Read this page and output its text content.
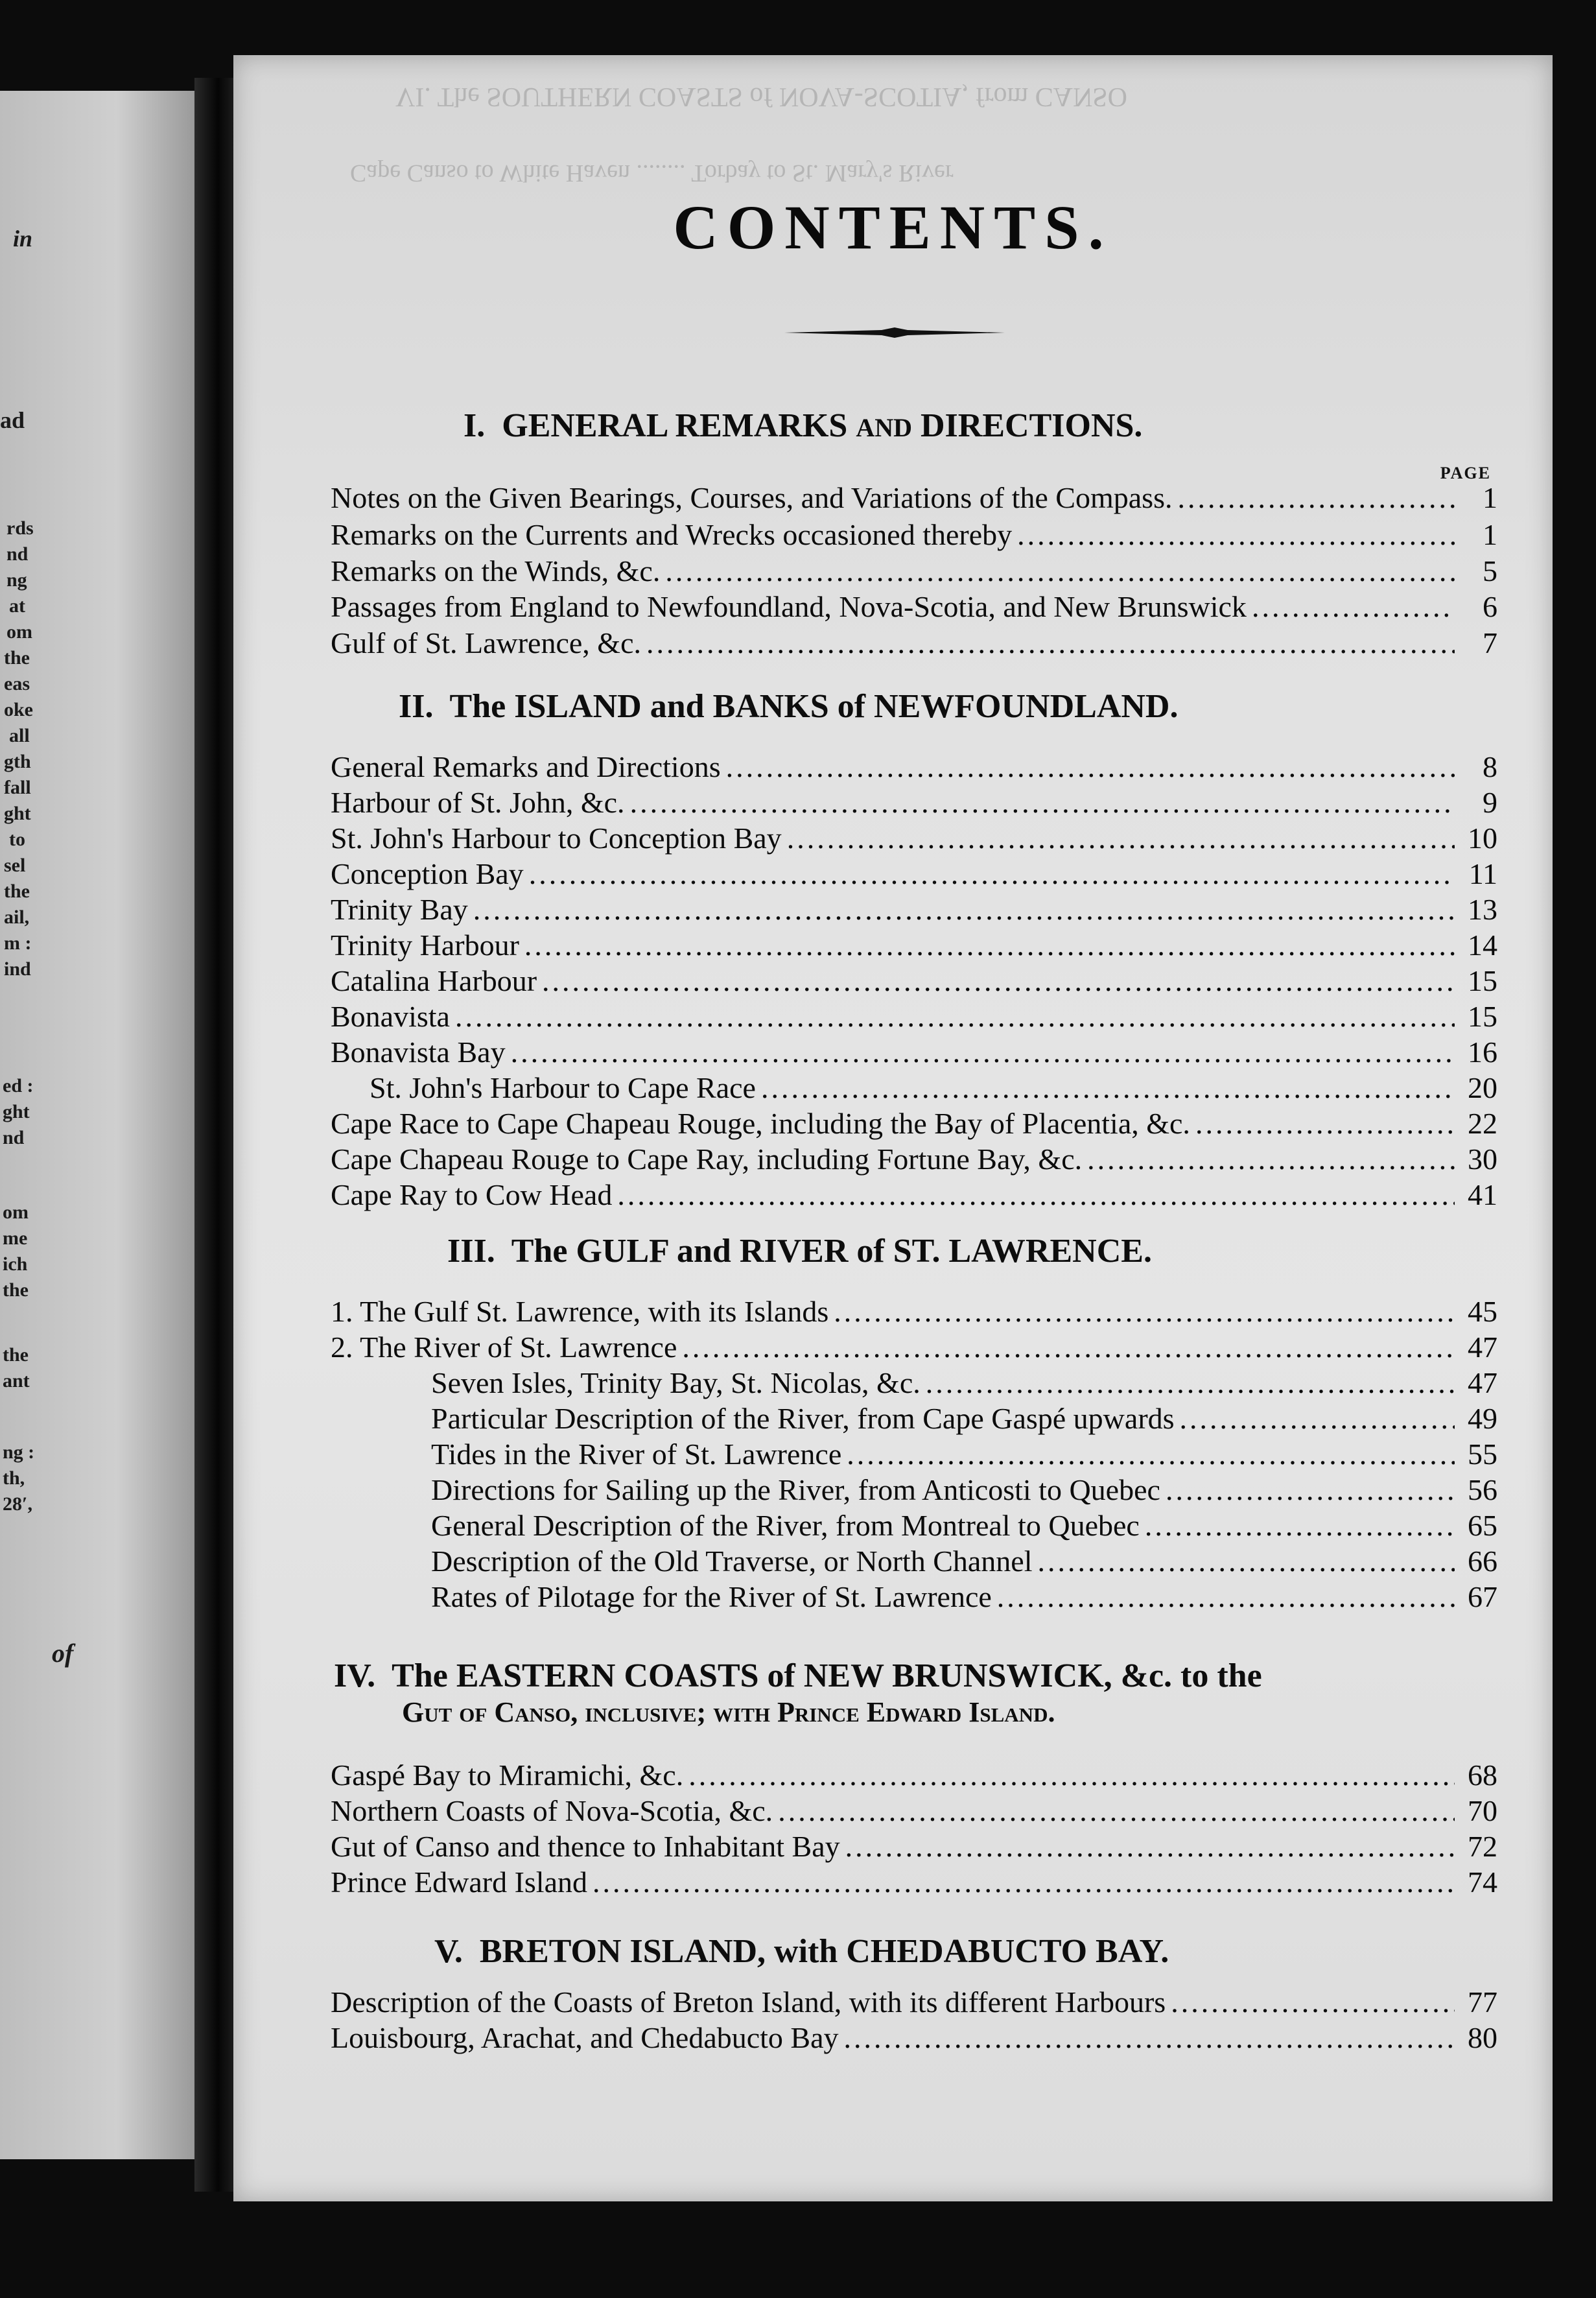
in
ad
rds
nd
ng
at
om
the
eas
oke
all
gth
fall
ght
to
sel
the
ail,
m :
ind
ed :
ght
nd
om
me
ich
the
the
ant
ng :
th,
28′,
of
VI. The SOUTHERN COASTS of NOVA-SCOTIA, from CANSO
Cape Canso to White Haven ........ Torbay to St. Mary's River
CONTENTS.
PAGE
I. GENERAL REMARKS AND DIRECTIONS.
Notes on the Given Bearings, Courses, and Variations of the Compass. .....	1
Remarks on the Currents and Wrecks occasioned thereby .....	1
Remarks on the Winds, &c. .....	5
Passages from England to Newfoundland, Nova-Scotia, and New Brunswick .....	6
Gulf of St. Lawrence, &c. .....	7
II. The ISLAND and BANKS of NEWFOUNDLAND.
General Remarks and Directions .....	8
Harbour of St. John, &c. .....	9
St. John's Harbour to Conception Bay .....	10
Conception Bay .....	11
Trinity Bay .....	13
Trinity Harbour .....	14
Catalina Harbour .....	15
Bonavista .....	15
Bonavista Bay .....	16
St. John's Harbour to Cape Race .....	20
Cape Race to Cape Chapeau Rouge, including the Bay of Placentia, &c. .....	22
Cape Chapeau Rouge to Cape Ray, including Fortune Bay, &c. .....	30
Cape Ray to Cow Head .....	41
III. The GULF and RIVER of ST. LAWRENCE.
1. The Gulf St. Lawrence, with its Islands .....	45
2. The River of St. Lawrence .....	47
Seven Isles, Trinity Bay, St. Nicolas, &c. .....	47
Particular Description of the River, from Cape Gaspé upwards .....	49
Tides in the River of St. Lawrence .....	55
Directions for Sailing up the River, from Anticosti to Quebec .....	56
General Description of the River, from Montreal to Quebec .....	65
Description of the Old Traverse, or North Channel .....	66
Rates of Pilotage for the River of St. Lawrence .....	67
IV. The EASTERN COASTS of NEW BRUNSWICK, &c. to the
Gut of Canso, inclusive; with Prince Edward Island.
Gaspé Bay to Miramichi, &c. .....	68
Northern Coasts of Nova-Scotia, &c. .....	70
Gut of Canso and thence to Inhabitant Bay .....	72
Prince Edward Island .....	74
V. BRETON ISLAND, with CHEDABUCTO BAY.
Description of the Coasts of Breton Island, with its different Harbours .....	77
Louisbourg, Arachat, and Chedabucto Bay .....	80
